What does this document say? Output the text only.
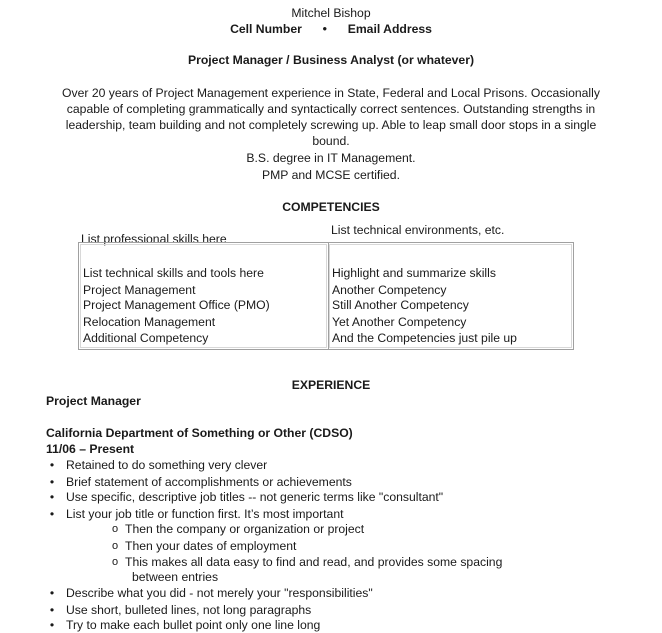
Mitchel Bishop
Cell Number • Email Address
Project Manager / Business Analyst (or whatever)
Over 20 years of Project Management experience in State, Federal and Local Prisons. Occasionally
capable of completing grammatically and syntactically correct sentences. Outstanding strengths in
leadership, team building and not completely screwing up. Able to leap small door stops in a single
bound.
B.S. degree in IT Management.
PMP and MCSE certified.
COMPETENCIES
List professional skills here
List technical environments, etc.
List technical skills and tools here
Project Management
Project Management Office (PMO)
Relocation Management
Additional Competency
Highlight and summarize skills
Another Competency
Still Another Competency
Yet Another Competency
And the Competencies just pile up
EXPERIENCE
Project Manager
California Department of Something or Other (CDSO)
11/06 – Present
• Retained to do something very clever
• Brief statement of accomplishments or achievements
• Use specific, descriptive job titles -- not generic terms like "consultant"
• List your job title or function first. It’s most important
o Then the company or organization or project
o Then your dates of employment
o This makes all data easy to find and read, and provides some spacing
between entries
• Describe what you did - not merely your "responsibilities"
• Use short, bulleted lines, not long paragraphs
• Try to make each bullet point only one line long
